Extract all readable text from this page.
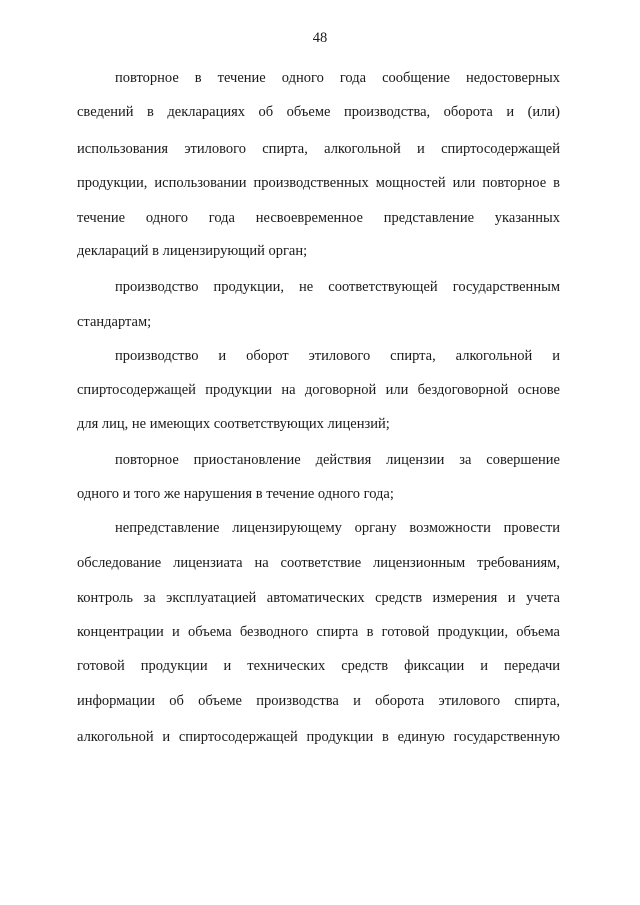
48
повторное в течение одного года сообщение недостоверных
сведений в декларациях об объеме производства, оборота и (или)
использования этилового спирта, алкогольной и спиртосодержащей
продукции, использовании производственных мощностей или повторное в
течение одного года несвоевременное представление указанных
деклараций в лицензирующий орган;
производство продукции, не соответствующей государственным
стандартам;
производство и оборот этилового спирта, алкогольной и
спиртосодержащей продукции на договорной или бездоговорной основе
для лиц, не имеющих соответствующих лицензий;
повторное приостановление действия лицензии за совершение
одного и того же нарушения в течение одного года;
непредставление лицензирующему органу возможности провести
обследование лицензиата на соответствие лицензионным требованиям,
контроль за эксплуатацией автоматических средств измерения и учета
концентрации и объема безводного спирта в готовой продукции, объема
готовой продукции и технических средств фиксации и передачи
информации об объеме производства и оборота этилового спирта,
алкогольной и спиртосодержащей продукции в единую государственную
